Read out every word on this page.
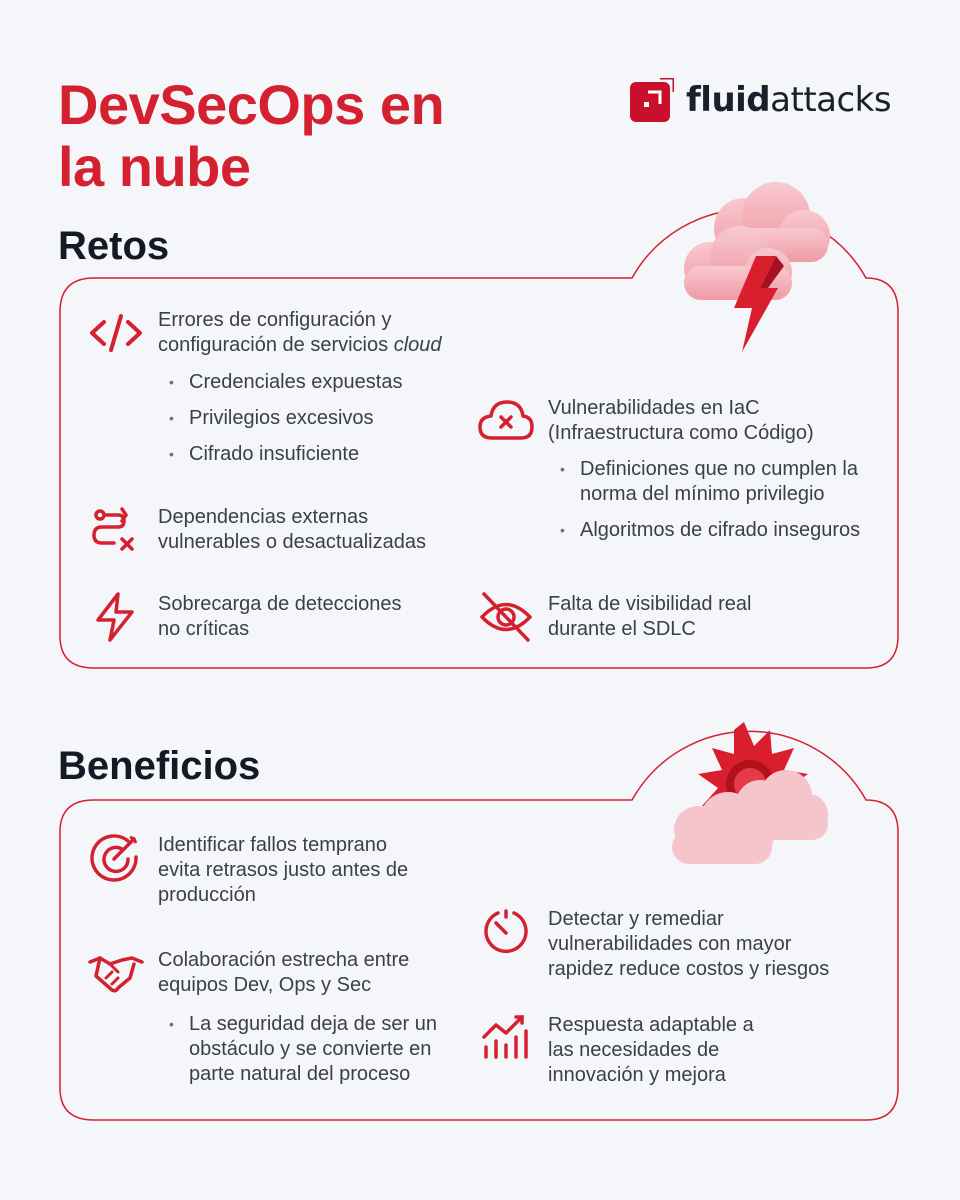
DevSecOps en
la nube
fluidattacks
Retos
Errores de configuración y
configuración de servicios cloud
• Credenciales expuestas
• Privilegios excesivos
• Cifrado insuficiente
Dependencias externas
vulnerables o desactualizadas
Sobrecarga de detecciones
no críticas
Vulnerabilidades en IaC
(Infraestructura como Código)
• Definiciones que no cumplen la
norma del mínimo privilegio
• Algoritmos de cifrado inseguros
Falta de visibilidad real
durante el SDLC
Beneficios
Identificar fallos temprano
evita retrasos justo antes de
producción
Colaboración estrecha entre
equipos Dev, Ops y Sec
• La seguridad deja de ser un
obstáculo y se convierte en
parte natural del proceso
Detectar y remediar
vulnerabilidades con mayor
rapidez reduce costos y riesgos
Respuesta adaptable a
las necesidades de
innovación y mejora
